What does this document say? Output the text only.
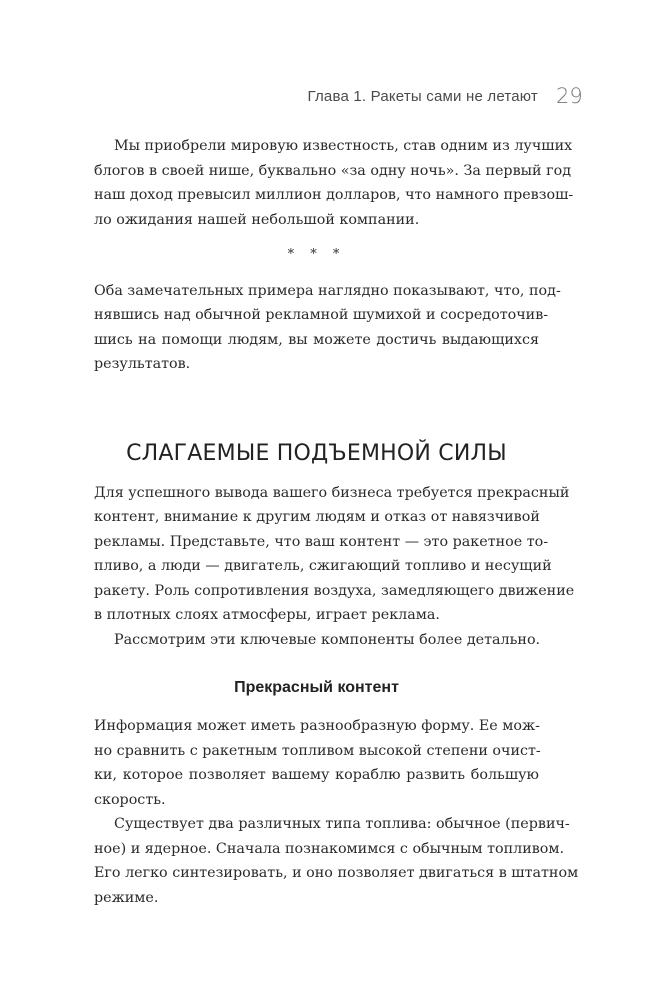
Глава 1. Ракеты сами не летают 29

Мы приобрели мировую известность, став одним из лучших

блогов в своей нише, буквально «за одну ночь». За первый год

наш доход превысил миллион долларов, что намного превзош-

ло ожидания нашей небольшой компании.

* * *

Оба замечательных примера наглядно показывают, что, под-

нявшись над обычной рекламной шумихой и сосредоточив-

шись на помощи людям, вы можете достичь выдающихся

результатов.

СЛАГАЕМЫЕ ПОДЪЕМНОЙ СИЛЫ

Для успешного вывода вашего бизнеса требуется прекрасный

контент, внимание к другим людям и отказ от навязчивой

рекламы. Представьте, что ваш контент — это ракетное то-

пливо, а люди — двигатель, сжигающий топливо и несущий

ракету. Роль сопротивления воздуха, замедляющего движение

в плотных слоях атмосферы, играет реклама.

Рассмотрим эти ключевые компоненты более детально.

Прекрасный контент

Информация может иметь разнообразную форму. Ее мож-

но сравнить с ракетным топливом высокой степени очист-

ки, которое позволяет вашему кораблю развить большую

скорость.

Существует два различных типа топлива: обычное (первич-

ное) и ядерное. Сначала познакомимся с обычным топливом.

Его легко синтезировать, и оно позволяет двигаться в штатном

режиме.
